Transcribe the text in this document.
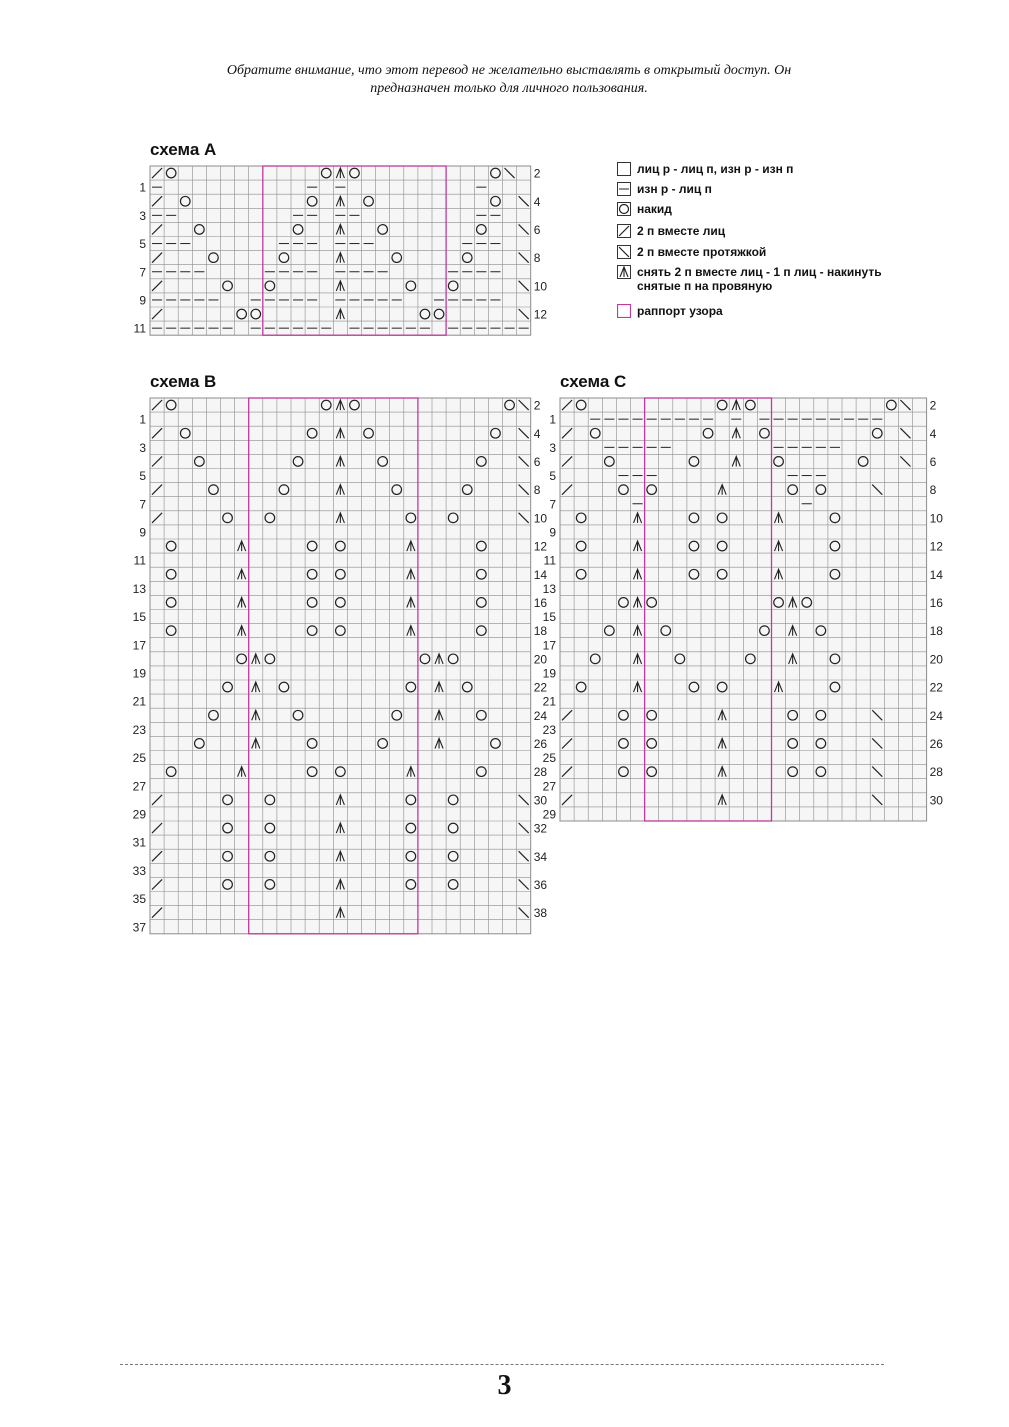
Обратите внимание, что этот перевод не желательно выставлять в открытый доступ. Он
предназначен только для личного пользования.
схема А
11
9
7
5
3
1
12
10
8
6
4
2	лиц р - лиц п, изн р - изн п
изн р - лиц п
накид
2 п вместе лиц
2 п вместе протяжкой
снять 2 п вместе лиц - 1 п лиц - накинуть снятые п на провяную
раппорт узора
схема В
37
35
33
31
29
27
25
23
21
19
17
15
13
11
9
7
5
3
1
38
36
34
32
30
28
26
24
22
20
18
16
14
12
10
8
6
4
2
схема С
29
27
25
23
21
19
17
15
13
11
9
7
5
3
1
30
28
26
24
22
20
18
16
14
12
10
8
6
4
2
3
